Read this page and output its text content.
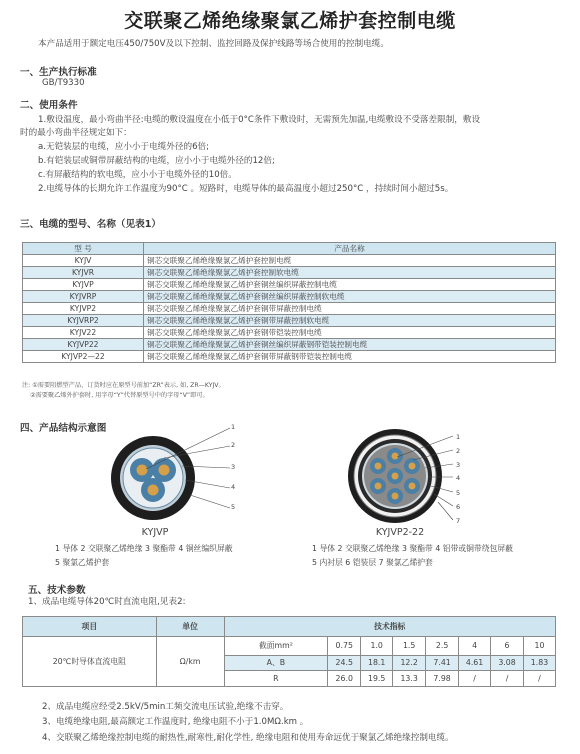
交联聚乙烯绝缘聚氯乙烯护套控制电缆
本产品适用于额定电压450/750V及以下控制、监控回路及保护线路等场合使用的控制电缆。
一、生产执行标准
GB/T9330
二、使用条件
1.敷设温度，最小弯曲半径:电缆的敷设温度在小低于0°C条件下敷设时，无需预先加温,电缆敷设不受落差限制，敷设
时的最小弯曲半径规定如下：
a.无铠装层的电缆，应小小于电缆外径的6倍;
b.有铠装层或铜带屏蔽结构的电缆，应小小于电缆外径的12倍;
c.有屏蔽结构的软电缆，应小小于电缆外径的10倍。
2.电缆导体的长期允许工作温度为90°C 。短路时，电缆导体的最高温度小超过250°C ，持续时间小超过5s。
三、电缆的型号、名称（见表1）
型 号	产品名称
KYJV	铜芯交联聚乙烯绝缘聚氯乙烯护套控制电缆
KYJVR	铜芯交联聚乙烯绝缘聚氯乙烯护套控制软电缆
KYJVP	铜芯交联聚乙烯绝缘聚氯乙烯护套铜丝编织屏蔽控制电缆
KYJVRP	铜芯交联聚乙烯绝缘聚氯乙烯护套铜丝编织屏蔽控制软电缆
KYJVP2	铜芯交联聚乙烯绝缘聚氯乙烯护套铜带屏蔽控制电缆
KYJVRP2	铜芯交联聚乙烯绝缘聚氯乙烯护套铜带屏蔽控制软电缆
KYJV22	铜芯交联聚乙烯绝缘聚氯乙烯护套钢带铠装控制电缆
KYJVP22	铜芯交联聚乙烯绝缘聚氯乙烯护套铜丝编织屏蔽钢带铠装控制电缆
KYJVP2—22	铜芯交联聚乙烯绝缘聚氯乙烯护套铜带屏蔽钢带铠装控制电缆
注: ①需要阻燃型产品，订货时应在原型号前加“ZR”表示, 如, ZR—KYJV。
②需要聚乙烯外护套时, 用字母“Y”代替原型号中的字母“V”即可。
四、产品结构示意图	1
2
3
4
5
KYJVP
1 导体 2 交联聚乙烯绝缘 3 聚酯带 4 铜丝编织屏蔽
5 聚氯乙烯护套
1
2
3
4
5
6
7
KYJVP2-22
1 导体 2 交联聚乙烯绝缘 3 聚酯带 4 铝带或铜带绕包屏蔽
5 内衬层 6 铠装层 7 聚氯乙烯护套
五、技术参数
1、成品电缆导体20℃时直流电阻,见表2:
项目	单位	技术指标							
20℃时导体直流电阻	Ω/km	截面mm²	0.75	1.0	1.5	2.5	4	6	10
		A、B	24.5	18.1	12.2	7.41	4.61	3.08	1.83
		R	26.0	19.5	13.3	7.98	/	/	/
2、成品电缆应经受2.5kV/5min工频交流电压试验,绝缘不击穿。
3、电缆绝缘电阻,最高额定工作温度时, 绝缘电阻不小于1.0MΩ.km 。
4、交联聚乙烯绝缘控制电缆的耐热性,耐寒性,耐化学性, 绝缘电阻和使用寿命远优于聚氯乙烯绝缘控制电缆。
